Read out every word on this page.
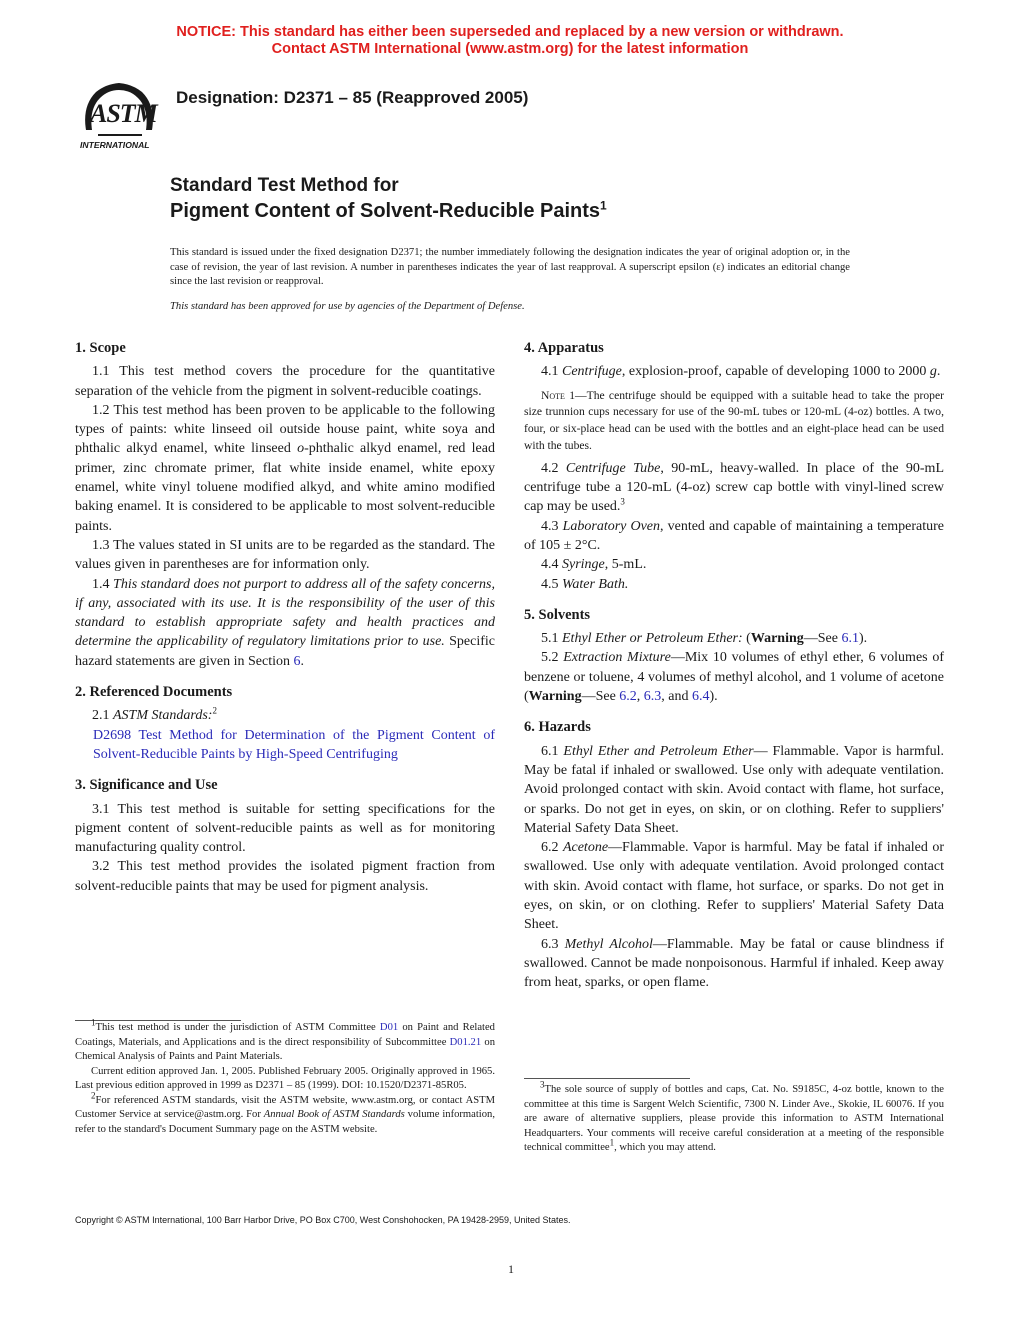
NOTICE: This standard has either been superseded and replaced by a new version or withdrawn.
Contact ASTM International (www.astm.org) for the latest information
ASTM
INTERNATIONAL
Designation: D2371 – 85 (Reapproved 2005)
Standard Test Method for
Pigment Content of Solvent-Reducible Paints$^1$
This standard is issued under the fixed designation D2371; the number immediately following the designation indicates the year of original adoption or, in the case of revision, the year of last revision. A number in parentheses indicates the year of last reapproval. A superscript epsilon (ε) indicates an editorial change since the last revision or reapproval.
This standard has been approved for use by agencies of the Department of Defense.
1. Scope

1.1 This test method covers the procedure for the quantitative separation of the vehicle from the pigment in solvent-reducible coatings.

1.2 This test method has been proven to be applicable to the following types of paints: white linseed oil outside house paint, white soya and phthalic alkyd enamel, white linseed o-phthalic alkyd enamel, red lead primer, zinc chromate primer, flat white inside enamel, white epoxy enamel, white vinyl toluene modified alkyd, and white amino modified baking enamel. It is considered to be applicable to most solvent-reducible paints.

1.3 The values stated in SI units are to be regarded as the standard. The values given in parentheses are for information only.

1.4 This standard does not purport to address all of the safety concerns, if any, associated with its use. It is the responsibility of the user of this standard to establish appropriate safety and health practices and determine the applicability of regulatory limitations prior to use. Specific hazard statements are given in Section 6.

2. Referenced Documents

2.1 ASTM Standards:$^2$

D2698 Test Method for Determination of the Pigment Content of Solvent-Reducible Paints by High-Speed Centrifuging

3. Significance and Use

3.1 This test method is suitable for setting specifications for the pigment content of solvent-reducible paints as well as for monitoring manufacturing quality control.

3.2 This test method provides the isolated pigment fraction from solvent-reducible paints that may be used for pigment analysis.

4. Apparatus

4.1 Centrifuge, explosion-proof, capable of developing 1000 to 2000 g.

Note 1—The centrifuge should be equipped with a suitable head to take the proper size trunnion cups necessary for use of the 90-mL tubes or 120-mL (4-oz) bottles. A two, four, or six-place head can be used with the bottles and an eight-place head can be used with the tubes.

4.2 Centrifuge Tube, 90-mL, heavy-walled. In place of the 90-mL centrifuge tube a 120-mL (4-oz) screw cap bottle with vinyl-lined screw cap may be used.$^3$

4.3 Laboratory Oven, vented and capable of maintaining a temperature of 105 ± 2°C.

4.4 Syringe, 5-mL.

4.5 Water Bath.

5. Solvents

5.1 Ethyl Ether or Petroleum Ether: (Warning—See 6.1).

5.2 Extraction Mixture—Mix 10 volumes of ethyl ether, 6 volumes of benzene or toluene, 4 volumes of methyl alcohol, and 1 volume of acetone (Warning—See 6.2, 6.3, and 6.4).

6. Hazards

6.1 Ethyl Ether and Petroleum Ether— Flammable. Vapor is harmful. May be fatal if inhaled or swallowed. Use only with adequate ventilation. Avoid prolonged contact with skin. Avoid contact with flame, hot surface, or sparks. Do not get in eyes, on skin, or on clothing. Refer to suppliers' Material Safety Data Sheet.

6.2 Acetone—Flammable. Vapor is harmful. May be fatal if inhaled or swallowed. Use only with adequate ventilation. Avoid prolonged contact with skin. Avoid contact with flame, hot surface, or sparks. Do not get in eyes, on skin, or on clothing. Refer to suppliers' Material Safety Data Sheet.

6.3 Methyl Alcohol—Flammable. May be fatal or cause blindness if swallowed. Cannot be made nonpoisonous. Harmful if inhaled. Keep away from heat, sparks, or open flame.

$^1$This test method is under the jurisdiction of ASTM Committee D01 on Paint and Related Coatings, Materials, and Applications and is the direct responsibility of Subcommittee D01.21 on Chemical Analysis of Paints and Paint Materials.

Current edition approved Jan. 1, 2005. Published February 2005. Originally approved in 1965. Last previous edition approved in 1999 as D2371 – 85 (1999). DOI: 10.1520/D2371-85R05.

$^2$For referenced ASTM standards, visit the ASTM website, www.astm.org, or contact ASTM Customer Service at service@astm.org. For Annual Book of ASTM Standards volume information, refer to the standard's Document Summary page on the ASTM website.

$^3$The sole source of supply of bottles and caps, Cat. No. S9185C, 4-oz bottle, known to the committee at this time is Sargent Welch Scientific, 7300 N. Linder Ave., Skokie, IL 60076. If you are aware of alternative suppliers, please provide this information to ASTM International Headquarters. Your comments will receive careful consideration at a meeting of the responsible technical committee$^1$, which you may attend.

Copyright © ASTM International, 100 Barr Harbor Drive, PO Box C700, West Conshohocken, PA 19428-2959, United States.
1
